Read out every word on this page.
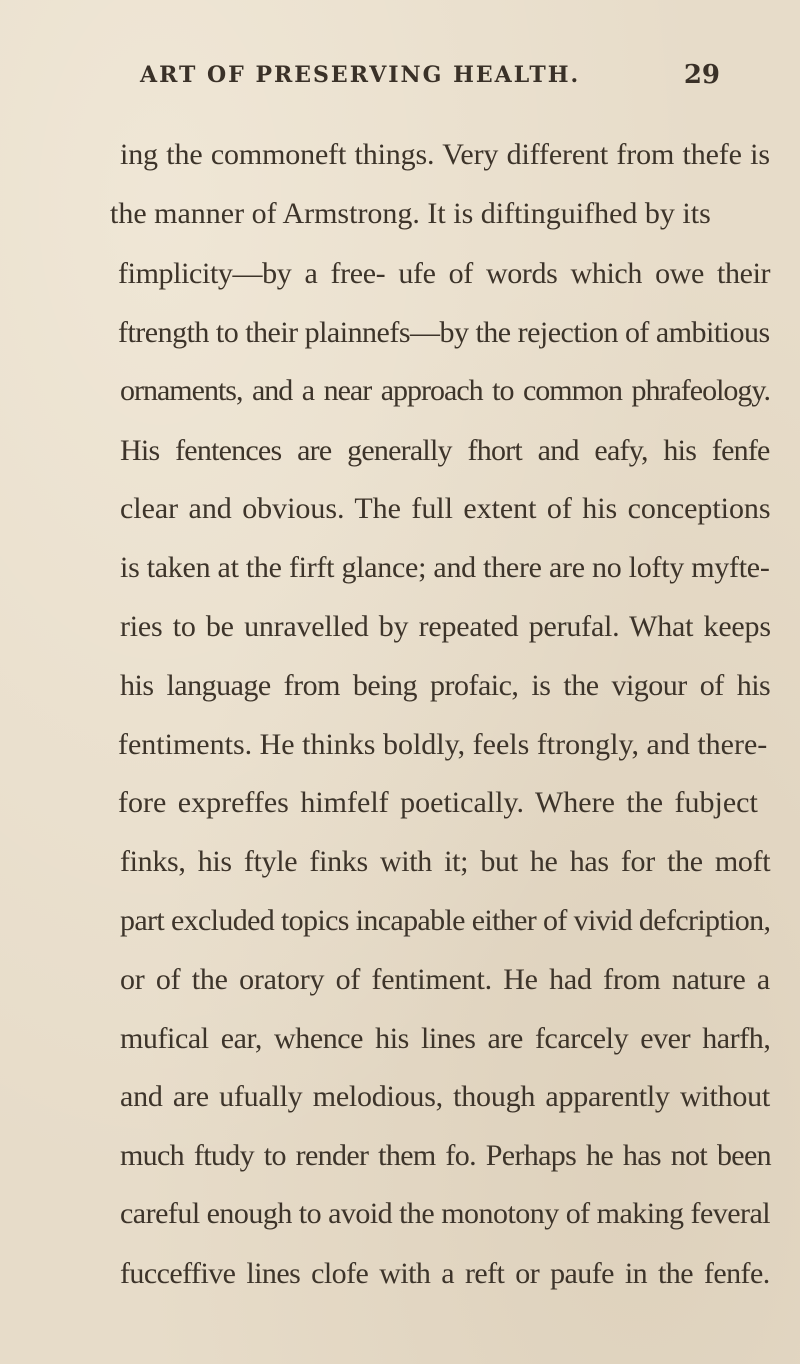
ART OF PRESERVING HEALTH.	29
ing the commoneft things. Very different from thefe is
the manner of Armstrong. It is diftinguifhed by its
fimplicity—by a free- ufe of words which owe their
ftrength to their plainnefs—by the rejection of ambitious
ornaments, and a near approach to common phrafeology.
His fentences are generally fhort and eafy, his fenfe
clear and obvious. The full extent of his conceptions
is taken at the firft glance; and there are no lofty myfte-
ries to be unravelled by repeated perufal. What keeps
his language from being profaic, is the vigour of his
fentiments. He thinks boldly, feels ftrongly, and there-
fore expreffes himfelf poetically. Where the fubject
finks, his ftyle finks with it; but he has for the moft
part excluded topics incapable either of vivid defcription,
or of the oratory of fentiment. He had from nature a
mufical ear, whence his lines are fcarcely ever harfh,
and are ufually melodious, though apparently without
much ftudy to render them fo. Perhaps he has not been
careful enough to avoid the monotony of making feveral
fucceffive lines clofe with a reft or paufe in the fenfe.
